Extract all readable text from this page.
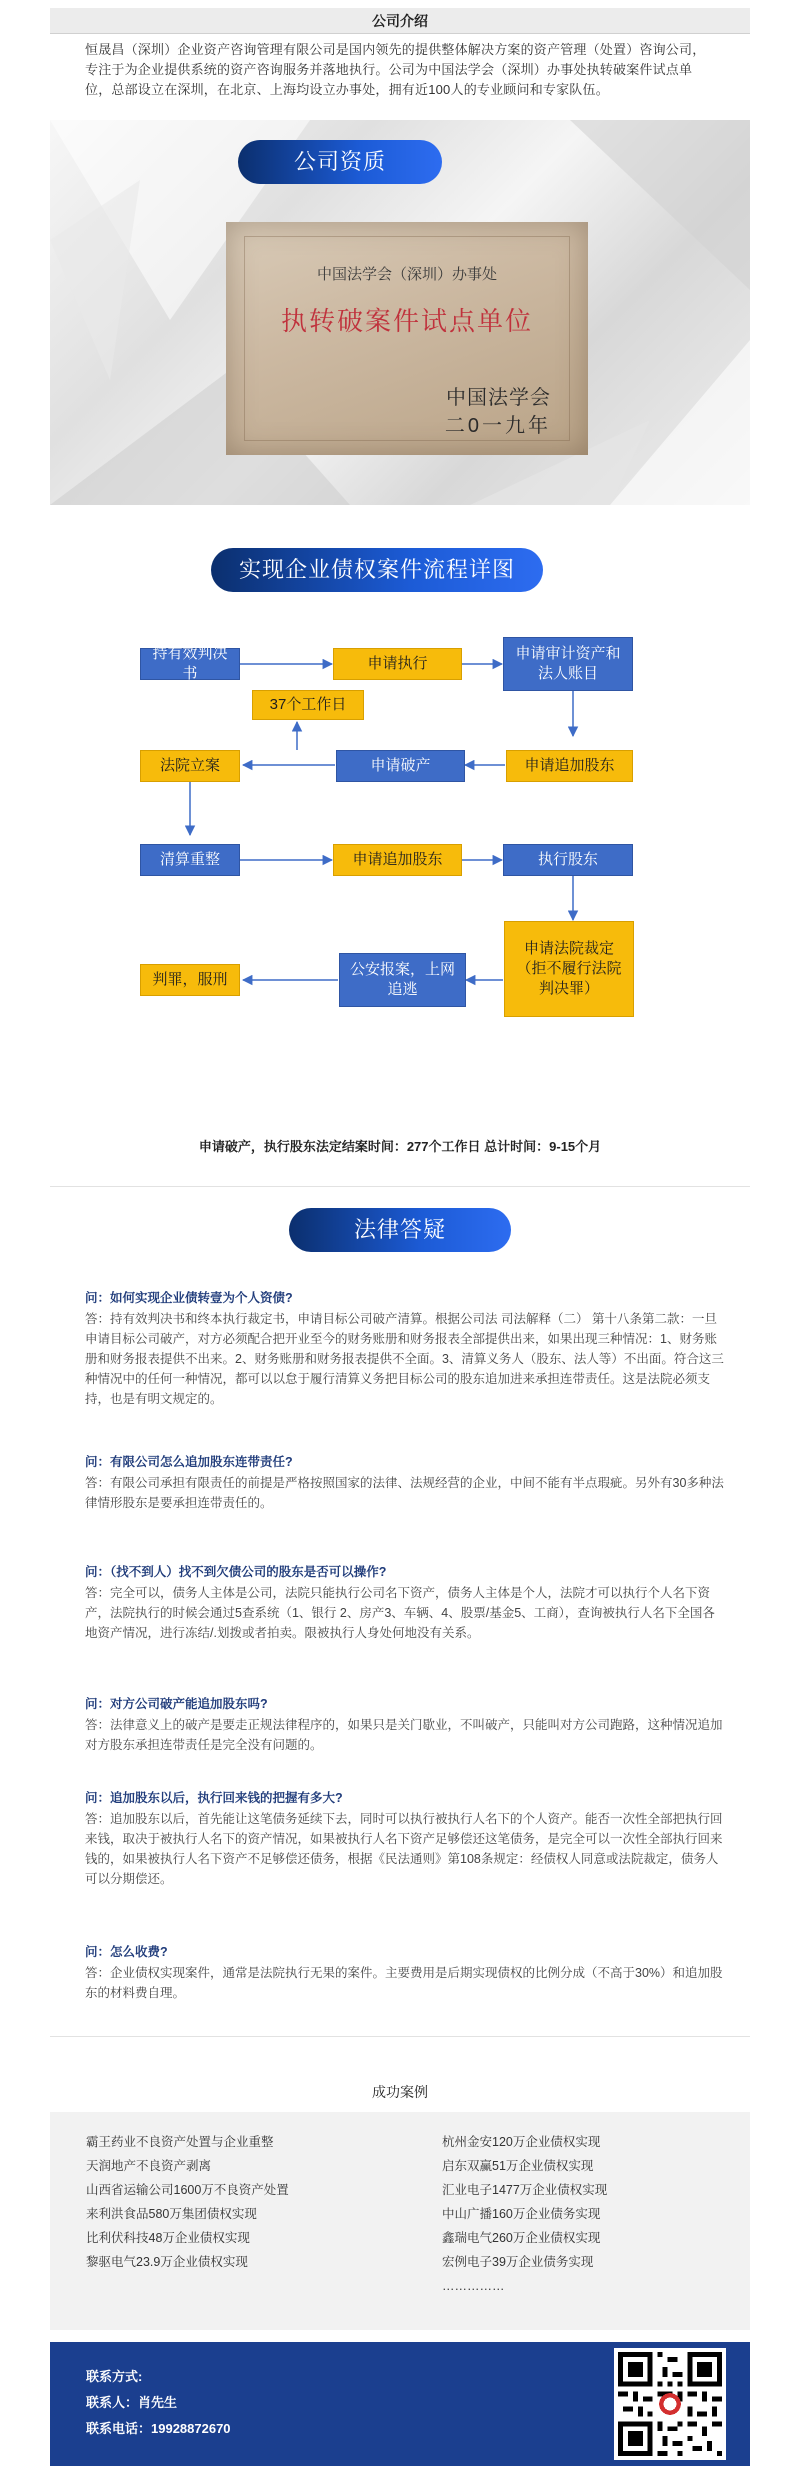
公司介绍

恒晟昌（深圳）企业资产咨询管理有限公司是国内领先的提供整体解决方案的资产管理（处置）咨询公司，专注于为企业提供系统的资产咨询服务并落地执行。公司为中国法学会（深圳）办事处执转破案件试点单位，总部设立在深圳，在北京、上海均设立办事处，拥有近100人的专业顾问和专家队伍。

公司资质
中国法学会（深圳）办事处
执转破案件试点单位
中国法学会
二0一九年
实现企业债权案件流程详图
持有效判决书
申请执行
申请审计资产和法人账目
37个工作日
法院立案	申请破产	申请追加股东
清算重整	申请追加股东	执行股东
判罪，服刑
公安报案，上网追逃
申请法院裁定（拒不履行法院判决罪）
申请破产，执行股东法定结案时间：277个工作日 总计时间：9-15个月
法律答疑
问：如何实现企业债转壹为个人资债?
答：持有效判决书和终本执行裁定书，申请目标公司破产清算。根据公司法 司法解释（二） 第十八条第二款：一旦申请目标公司破产，对方必须配合把开业至今的财务账册和财务报表全部提供出来，如果出现三种情况：1、财务账册和财务报表提供不出来。2、财务账册和财务报表提供不全面。3、清算义务人（股东、法人等）不出面。符合这三种情况中的任何一种情况，都可以以怠于履行清算义务把目标公司的股东追加进来承担连带责任。这是法院必须支持，也是有明文规定的。
问：有限公司怎么追加股东连带责任?
答：有限公司承担有限责任的前提是严格按照国家的法律、法规经营的企业，中间不能有半点瑕疵。另外有30多种法律情形股东是要承担连带责任的。
问：（找不到人）找不到欠债公司的股东是否可以操作?
答：完全可以，债务人主体是公司，法院只能执行公司名下资产，债务人主体是个人，法院才可以执行个人名下资产，法院执行的时候会通过5查系统（1、银行 2、房产3、车辆、4、股票/基金5、工商），查询被执行人名下全国各地资产情况，进行冻结/.划拨或者拍卖。限被执行人身处何地没有关系。
问：对方公司破产能追加股东吗?
答：法律意义上的破产是要走正规法律程序的，如果只是关门歇业，不叫破产，只能叫对方公司跑路，这种情况追加对方股东承担连带责任是完全没有问题的。
问：追加股东以后，执行回来钱的把握有多大?
答：追加股东以后，首先能让这笔债务延续下去，同时可以执行被执行人名下的个人资产。能否一次性全部把执行回来钱，取决于被执行人名下的资产情况，如果被执行人名下资产足够偿还这笔债务，是完全可以一次性全部执行回来钱的，如果被执行人名下资产不足够偿还债务，根据《民法通则》第108条规定：经债权人同意或法院裁定，债务人可以分期偿还。
问：怎么收费?
答：企业债权实现案件，通常是法院执行无果的案件。主要费用是后期实现债权的比例分成（不高于30%）和追加股东的材料费自理。
成功案例
霸王药业不良资产处置与企业重整
天润地产不良资产剥离
山西省运输公司1600万不良资产处置
来利洪食品580万集团债权实现
比利伏科技48万企业债权实现
黎驱电气23.9万企业债权实现
杭州金安120万企业债权实现
启东双赢51万企业债权实现
汇业电子1477万企业债权实现
中山广播160万企业债务实现
鑫瑞电气260万企业债权实现
宏例电子39万企业债务实现
……………
联系方式:
联系人：肖先生
联系电话：19928872670
